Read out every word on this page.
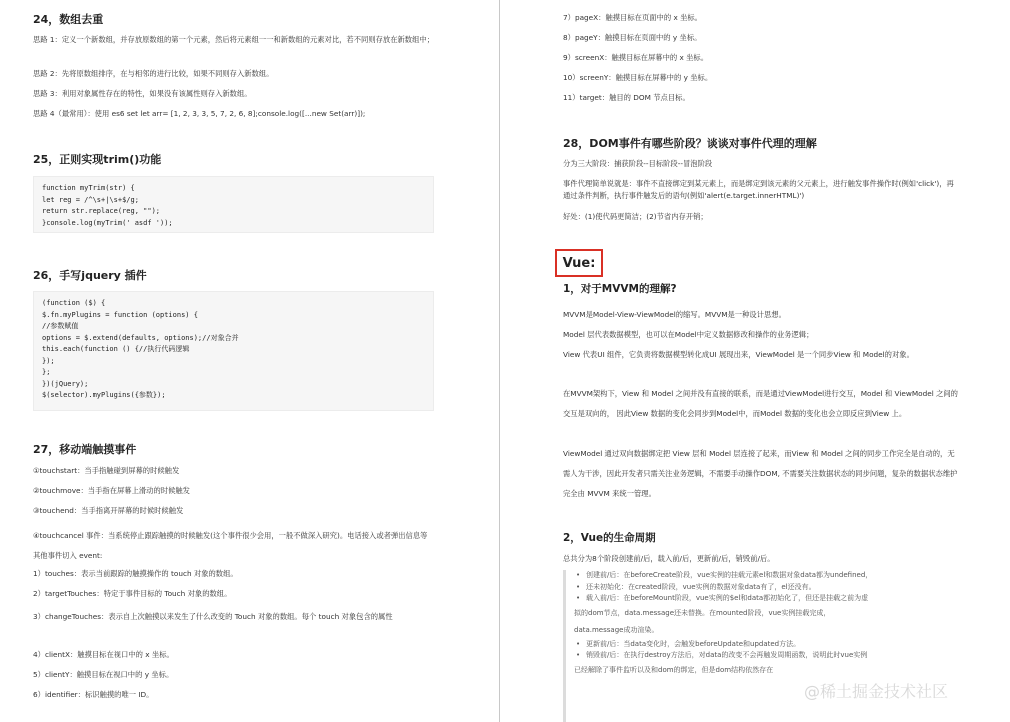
24，数组去重

思路 1：定义一个新数组，并存放原数组的第一个元素，然后将元素组一一和新数组的元素对比，若不同则存放在新数组中；

思路 2：先将原数组排序，在与相邻的进行比较，如果不同则存入新数组。

思路 3：利用对象属性存在的特性，如果没有该属性则存入新数组。

思路 4（最常用）：使用 es6 set let arr= [1, 2, 3, 3, 5, 7, 2, 6, 8];console.log([...new Set(arr)]);

25，正则实现trim()功能
function myTrim(str) {
let reg = /^\s+|\s+$/g;
return str.replace(reg, "");
}console.log(myTrim(' asdf '));
26，手写jquery 插件
(function ($) {
$.fn.myPlugins = function (options) {
//参数赋值
options = $.extend(defaults, options);//对象合并
this.each(function () {//执行代码逻辑
});
};
})(jQuery);
$(selector).myPlugins({参数});
27，移动端触摸事件

①touchstart：当手指触碰到屏幕的时候触发

②touchmove：当手指在屏幕上滑动的时候触发

③touchend：当手指离开屏幕的时候时候触发

④touchcancel 事件：当系统停止跟踪触摸的时候触发(这个事件很少会用，一般不做深入研究)。电话接入或者弹出信息等其他事件切入 event:

1）touches：表示当前跟踪的触摸操作的 touch 对象的数组。

2）targetTouches：特定于事件目标的 Touch 对象的数组。

3）changeTouches：表示自上次触摸以来发生了什么改变的 Touch 对象的数组。每个 touch 对象包含的属性

4）clientX：触摸目标在视口中的 x 坐标。

5）clientY：触摸目标在视口中的 y 坐标。

6）identifier：标识触摸的唯一 ID。

7）pageX：触摸目标在页面中的 x 坐标。

8）pageY：触摸目标在页面中的 y 坐标。

9）screenX：触摸目标在屏幕中的 x 坐标。

10）screenY：触摸目标在屏幕中的 y 坐标。

11）target：触目的 DOM 节点目标。

28，DOM事件有哪些阶段？谈谈对事件代理的理解

分为三大阶段：捕获阶段--目标阶段--冒泡阶段

事件代理简单说就是：事件不直接绑定到某元素上，而是绑定到该元素的父元素上，进行触发事件操作时(例如'click')，再通过条件判断，执行事件触发后的语句(例如'alert(e.target.innerHTML)')

好处：(1)使代码更简洁；(2)节省内存开销；

Vue:
1，对于MVVM的理解?

MVVM是Model-View-ViewModel的缩写。MVVM是一种设计思想。

Model 层代表数据模型，也可以在Model中定义数据修改和操作的业务逻辑；

View 代表UI 组件，它负责将数据模型转化成UI 展现出来，ViewModel 是一个同步View 和 Model的对象。

在MVVM架构下，View 和 Model 之间并没有直接的联系，而是通过ViewModel进行交互，Model 和 ViewModel 之间的交互是双向的， 因此View 数据的变化会同步到Model中，而Model 数据的变化也会立即反应到View 上。

ViewModel 通过双向数据绑定把 View 层和 Model 层连接了起来，而View 和 Model 之间的同步工作完全是自动的，无需人为干涉，因此开发者只需关注业务逻辑，不需要手动操作DOM, 不需要关注数据状态的同步问题，复杂的数据状态维护完全由 MVVM 来统一管理。

2，Vue的生命周期

总共分为8个阶段创建前/后，载入前/后，更新前/后，销毁前/后。

• 创建前/后：在beforeCreate阶段，vue实例的挂载元素el和数据对象data都为undefined，
• 还未初始化：在created阶段，vue实例的数据对象data有了，el还没有。
• 载入前/后：在beforeMount阶段，vue实例的$el和data都初始化了，但还是挂载之前为虚
拟的dom节点，data.message还未替换。在mounted阶段，vue实例挂载完成，
data.message成功渲染。
• 更新前/后：当data变化时，会触发beforeUpdate和updated方法。
• 销毁前/后：在执行destroy方法后，对data的改变不会再触发周期函数，说明此时vue实例
已经解除了事件监听以及和dom的绑定，但是dom结构依然存在
@稀土掘金技术社区
